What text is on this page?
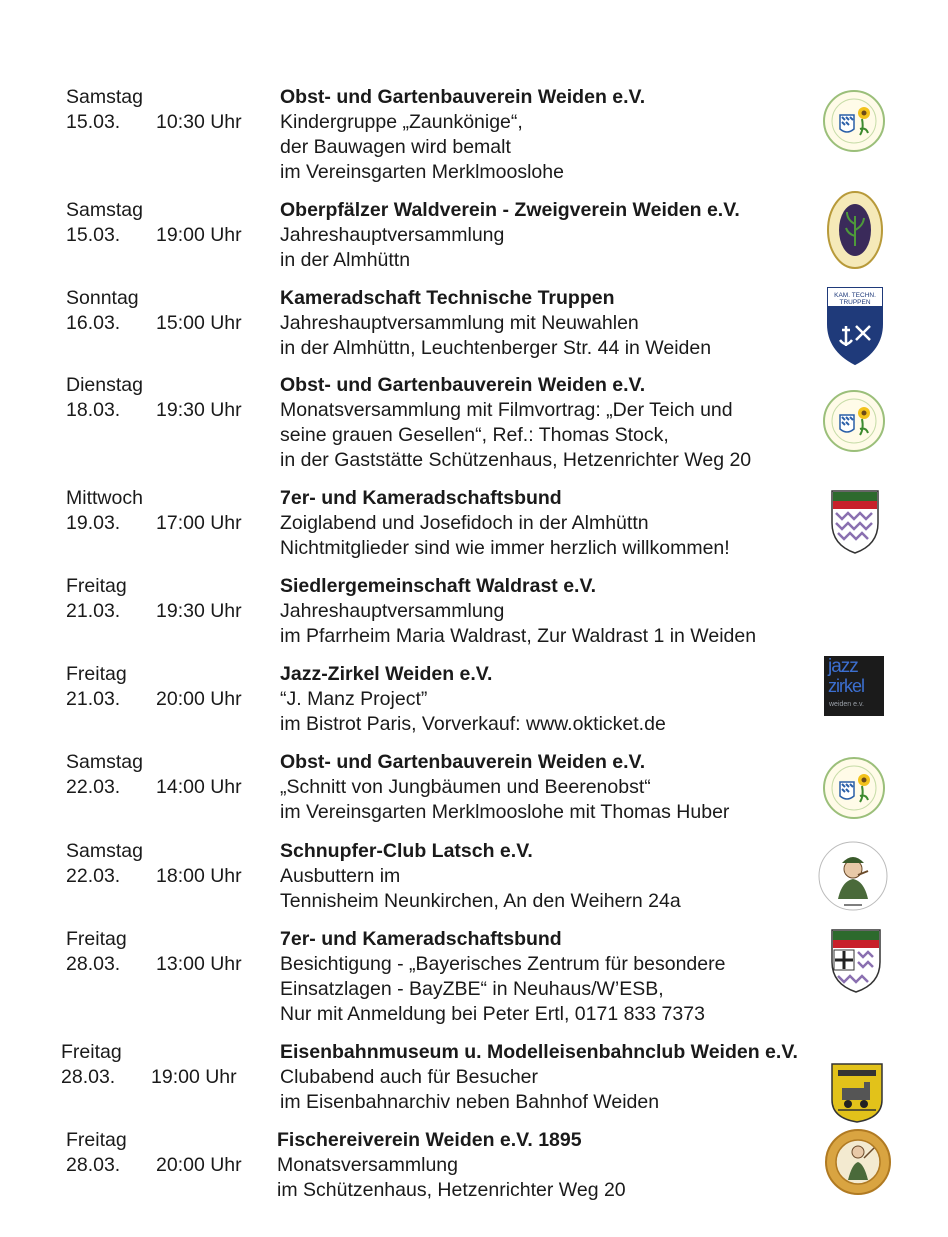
Samstag
15.03. 10:30 Uhr
Obst- und Gartenbauverein Weiden e.V.
Kindergruppe „Zaunkönige“,
der Bauwagen wird bemalt
im Vereinsgarten Merklmooslohe
Samstag
15.03. 19:00 Uhr
Oberpfälzer Waldverein - Zweigverein Weiden e.V.
Jahreshauptversammlung
in der Almhüttn
Sonntag
16.03. 15:00 Uhr
Kameradschaft Technische Truppen
Jahreshauptversammlung mit Neuwahlen
in der Almhüttn, Leuchtenberger Str. 44 in Weiden
KAM. TECHN.
TRUPPEN
Dienstag
18.03. 19:30 Uhr
Obst- und Gartenbauverein Weiden e.V.
Monatsversammlung mit Filmvortrag: „Der Teich und
seine grauen Gesellen“, Ref.: Thomas Stock,
in der Gaststätte Schützenhaus, Hetzenrichter Weg 20
Mittwoch
19.03. 17:00 Uhr
7er- und Kameradschaftsbund
Zoiglabend und Josefidoch in der Almhüttn
Nichtmitglieder sind wie immer herzlich willkommen!
Freitag
21.03. 19:30 Uhr
Siedlergemeinschaft Waldrast e.V.
Jahreshauptversammlung
im Pfarrheim Maria Waldrast, Zur Waldrast 1 in Weiden
Freitag
21.03. 20:00 Uhr
Jazz-Zirkel Weiden e.V.
“J. Manz Project”
im Bistrot Paris, Vorverkauf: www.okticket.de
jazz
zirkel
weiden e.v.
Samstag
22.03. 14:00 Uhr
Obst- und Gartenbauverein Weiden e.V.
„Schnitt von Jungbäumen und Beerenobst“
im Vereinsgarten Merklmooslohe mit Thomas Huber
Samstag
22.03. 18:00 Uhr
Schnupfer-Club Latsch e.V.
Ausbuttern im
Tennisheim Neunkirchen, An den Weihern 24a
Freitag
28.03. 13:00 Uhr
7er- und Kameradschaftsbund
Besichtigung - „Bayerisches Zentrum für besondere
Einsatzlagen - BayZBE“ in Neuhaus/W’ESB,
Nur mit Anmeldung bei Peter Ertl, 0171 833 7373
Freitag
28.03. 19:00 Uhr
Eisenbahnmuseum u. Modelleisenbahnclub Weiden e.V.
Clubabend auch für Besucher
im Eisenbahnarchiv neben Bahnhof Weiden
Freitag
28.03. 20:00 Uhr
Fischereiverein Weiden e.V. 1895
Monatsversammlung
im Schützenhaus, Hetzenrichter Weg 20
